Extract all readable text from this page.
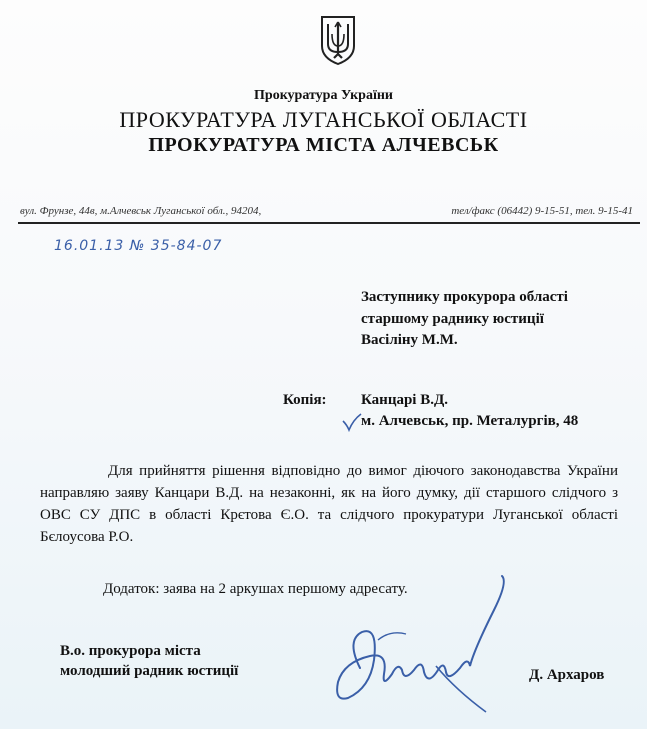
Прокуратура України
ПРОКУРАТУРА ЛУГАНСЬКОЇ ОБЛАСТІ
ПРОКУРАТУРА МІСТА АЛЧЕВСЬК
вул. Фрунзе, 44в, м.Алчевськ Луганської обл., 94204,	тел/факс (06442) 9-15-51, тел. 9-15-41
16.01.13 № 35-84-07
Заступнику прокурора області
старшому раднику юстиції
Васіліну М.М.
Копія: Канцарі В.Д.
м. Алчевськ, пр. Металургів, 48
Для прийняття рішення відповідно до вимог діючого законодавства України направляю заяву Канцари В.Д. на незаконні, як на його думку, дії старшого слідчого з ОВС СУ ДПС в області Крєтова Є.О. та слідчого прокуратури Луганської області Бєлоусова Р.О.
Додаток: заява на 2 аркушах першому адресату.
В.о. прокурора міста
молодший радник юстиції	Д. Архаров
